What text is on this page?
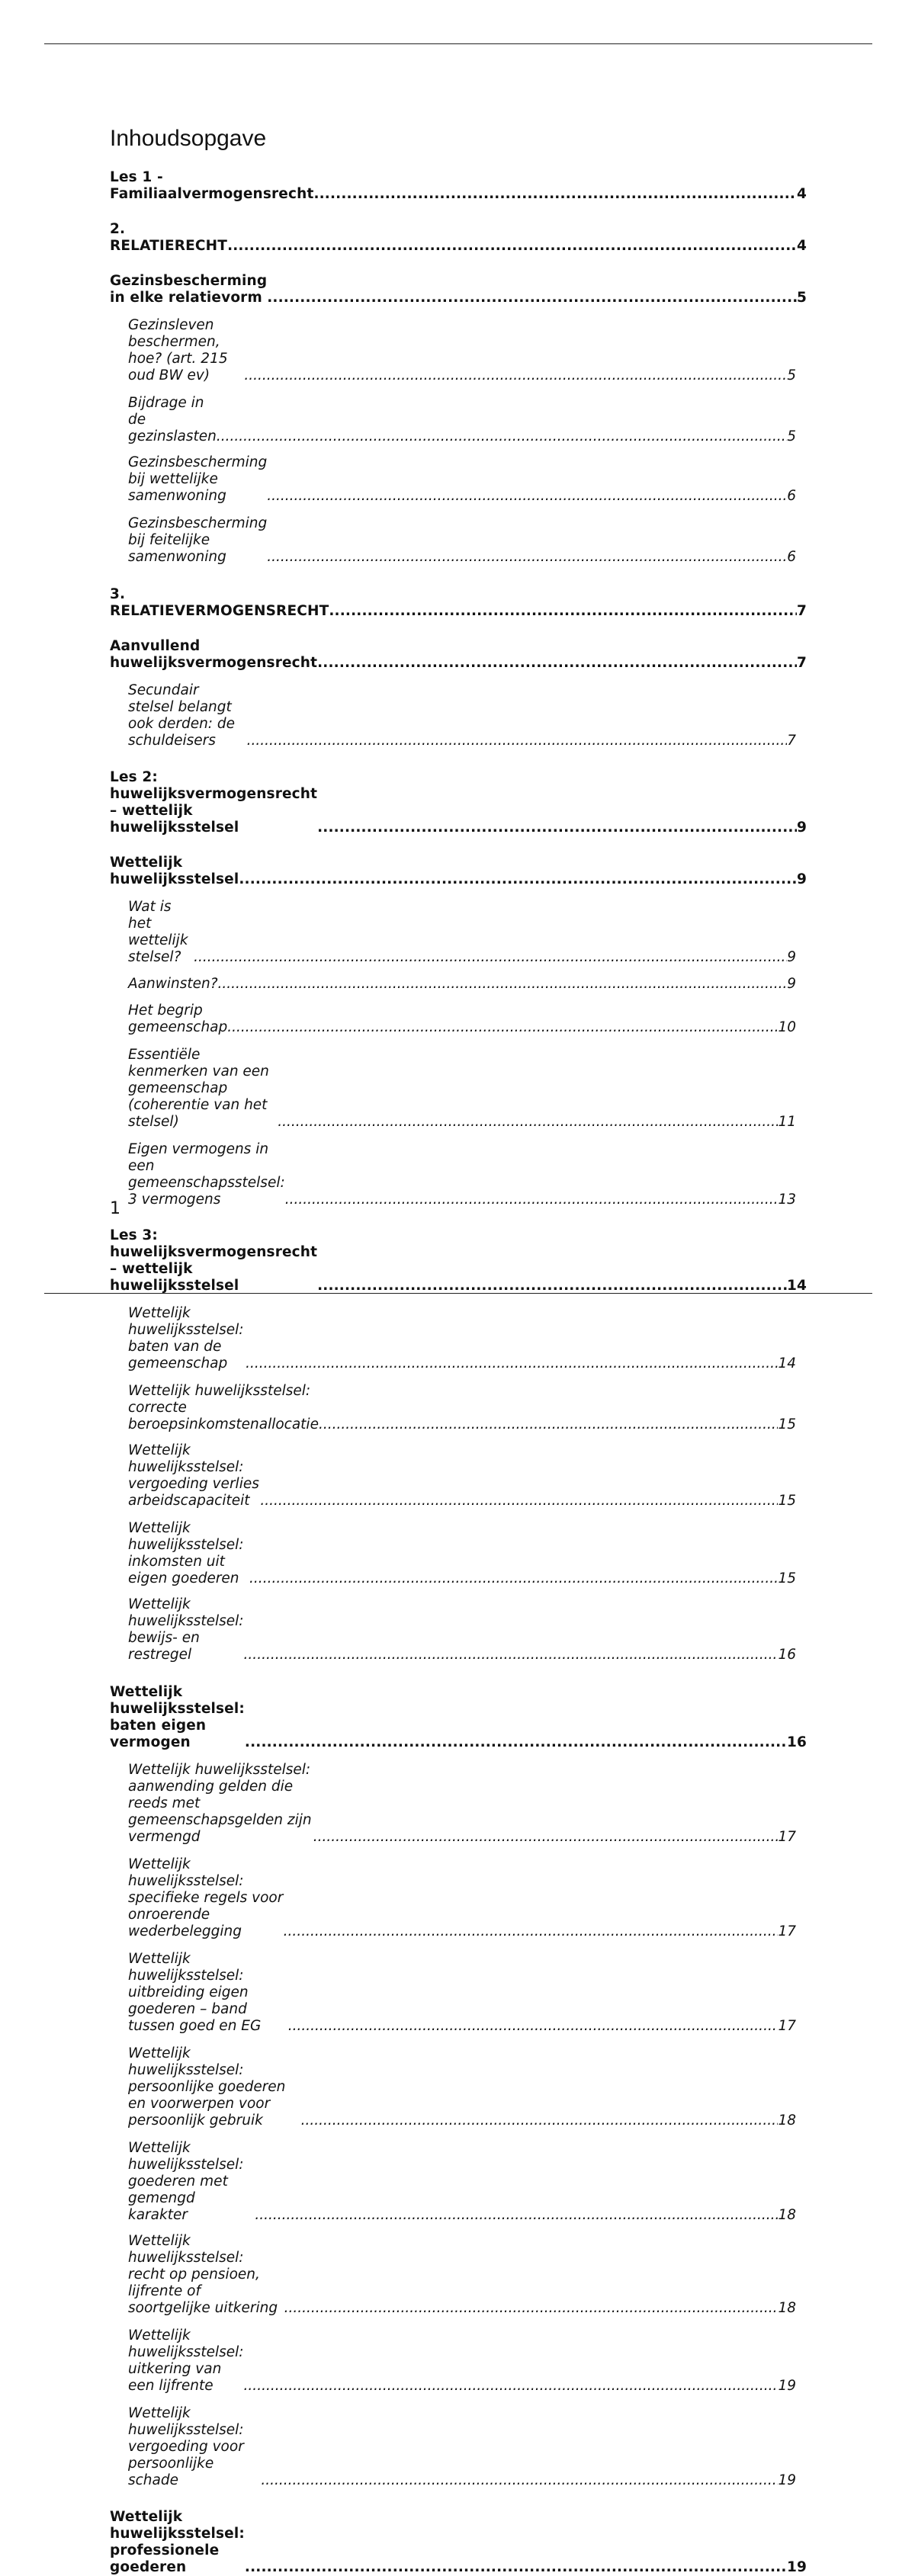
Inhoudsopgave
Les 1 - Familiaalvermogensrecht .....	4
2. RELATIERECHT .....	4
Gezinsbescherming in elke relatievorm .....	5
Gezinsleven beschermen, hoe? (art. 215 oud BW ev) .....	5
Bijdrage in de gezinslasten .....	5
Gezinsbescherming bij wettelijke samenwoning .....	6
Gezinsbescherming bij feitelijke samenwoning .....	6
3. RELATIEVERMOGENSRECHT .....	7
Aanvullend huwelijksvermogensrecht .....	7
Secundair stelsel belangt ook derden: de schuldeisers .....	7
Les 2: huwelijksvermogensrecht – wettelijk huwelijksstelsel .....	9
Wettelijk huwelijksstelsel .....	9
Wat is het wettelijk stelsel? .....	9
Aanwinsten? .....	9
Het begrip gemeenschap .....	10
Essentiële kenmerken van een gemeenschap (coherentie van het stelsel) .....	11
Eigen vermogens in een gemeenschapsstelsel: 3 vermogens .....	13
Les 3: huwelijksvermogensrecht – wettelijk huwelijksstelsel .....	14
Wettelijk huwelijksstelsel: baten van de gemeenschap .....	14
Wettelijk huwelijksstelsel: correcte beroepsinkomstenallocatie .....	15
Wettelijk huwelijksstelsel: vergoeding verlies arbeidscapaciteit .....	15
Wettelijk huwelijksstelsel: inkomsten uit eigen goederen .....	15
Wettelijk huwelijksstelsel: bewijs- en restregel .....	16
Wettelijk huwelijksstelsel: baten eigen vermogen .....	16
Wettelijk huwelijksstelsel: aanwending gelden die reeds met gemeenschapsgelden zijn vermengd .....	17
Wettelijk huwelijksstelsel: specifieke regels voor onroerende wederbelegging .....	17
Wettelijk huwelijksstelsel: uitbreiding eigen goederen – band tussen goed en EG .....	17
Wettelijk huwelijksstelsel: persoonlijke goederen en voorwerpen voor persoonlijk gebruik .....	18
Wettelijk huwelijksstelsel: goederen met gemengd karakter .....	18
Wettelijk huwelijksstelsel: recht op pensioen, lijfrente of soortgelijke uitkering .....	18
Wettelijk huwelijksstelsel: uitkering van een lijfrente .....	19
Wettelijk huwelijksstelsel: vergoeding voor persoonlijke schade .....	19
Wettelijk huwelijksstelsel: professionele goederen .....	19
1
